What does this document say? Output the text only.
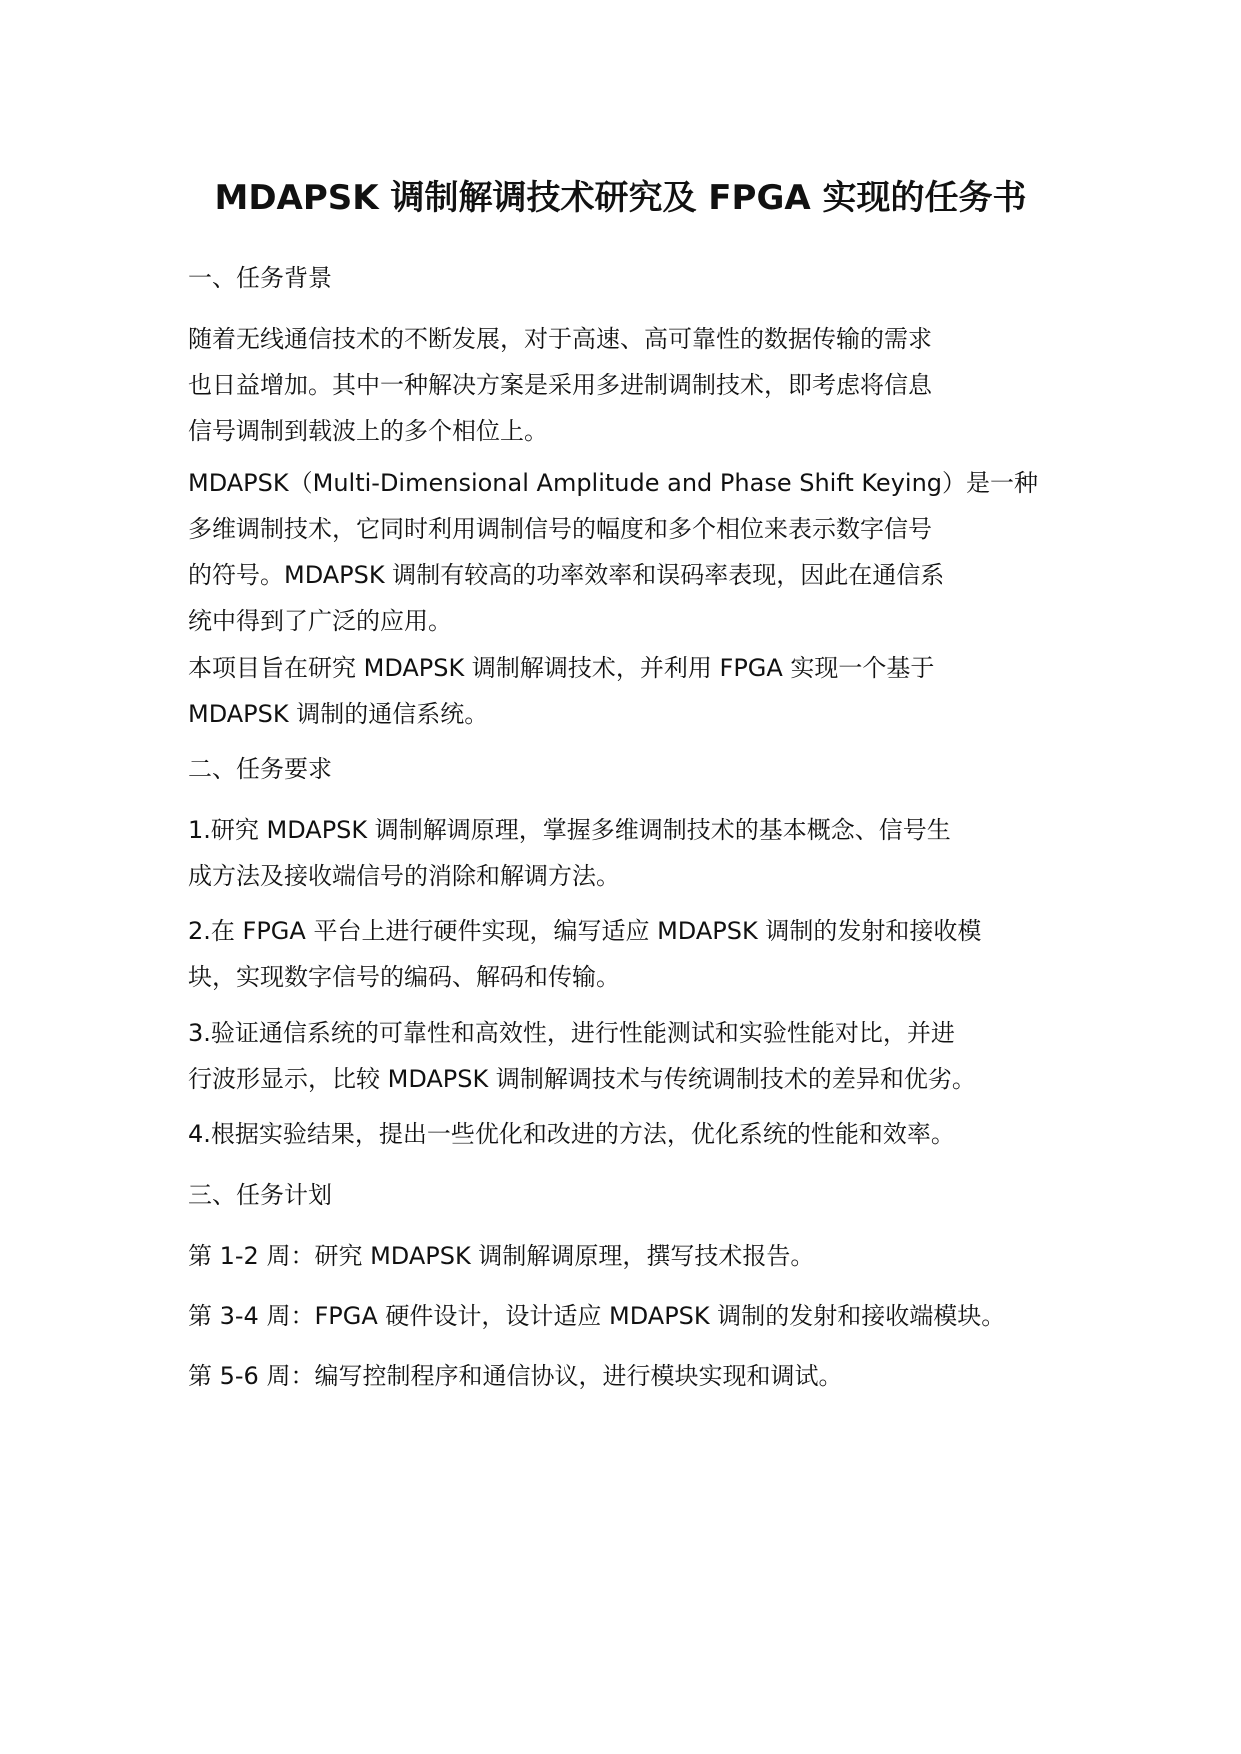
MDAPSK 调制解调技术研究及 FPGA 实现的任务书

一、任务背景

随着无线通信技术的不断发展，对于高速、高可靠性的数据传输的需求
也日益增加。其中一种解决方案是采用多进制调制技术，即考虑将信息
信号调制到载波上的多个相位上。

MDAPSK（Multi-Dimensional Amplitude and Phase Shift Keying）是一种
多维调制技术，它同时利用调制信号的幅度和多个相位来表示数字信号
的符号。MDAPSK 调制有较高的功率效率和误码率表现，因此在通信系
统中得到了广泛的应用。

本项目旨在研究 MDAPSK 调制解调技术，并利用 FPGA 实现一个基于
MDAPSK 调制的通信系统。

二、任务要求

1.研究 MDAPSK 调制解调原理，掌握多维调制技术的基本概念、信号生
成方法及接收端信号的消除和解调方法。

2.在 FPGA 平台上进行硬件实现，编写适应 MDAPSK 调制的发射和接收模
块，实现数字信号的编码、解码和传输。

3.验证通信系统的可靠性和高效性，进行性能测试和实验性能对比，并进
行波形显示，比较 MDAPSK 调制解调技术与传统调制技术的差异和优劣。

4.根据实验结果，提出一些优化和改进的方法，优化系统的性能和效率。

三、任务计划

第 1-2 周：研究 MDAPSK 调制解调原理，撰写技术报告。

第 3-4 周：FPGA 硬件设计，设计适应 MDAPSK 调制的发射和接收端模块。

第 5-6 周：编写控制程序和通信协议，进行模块实现和调试。
